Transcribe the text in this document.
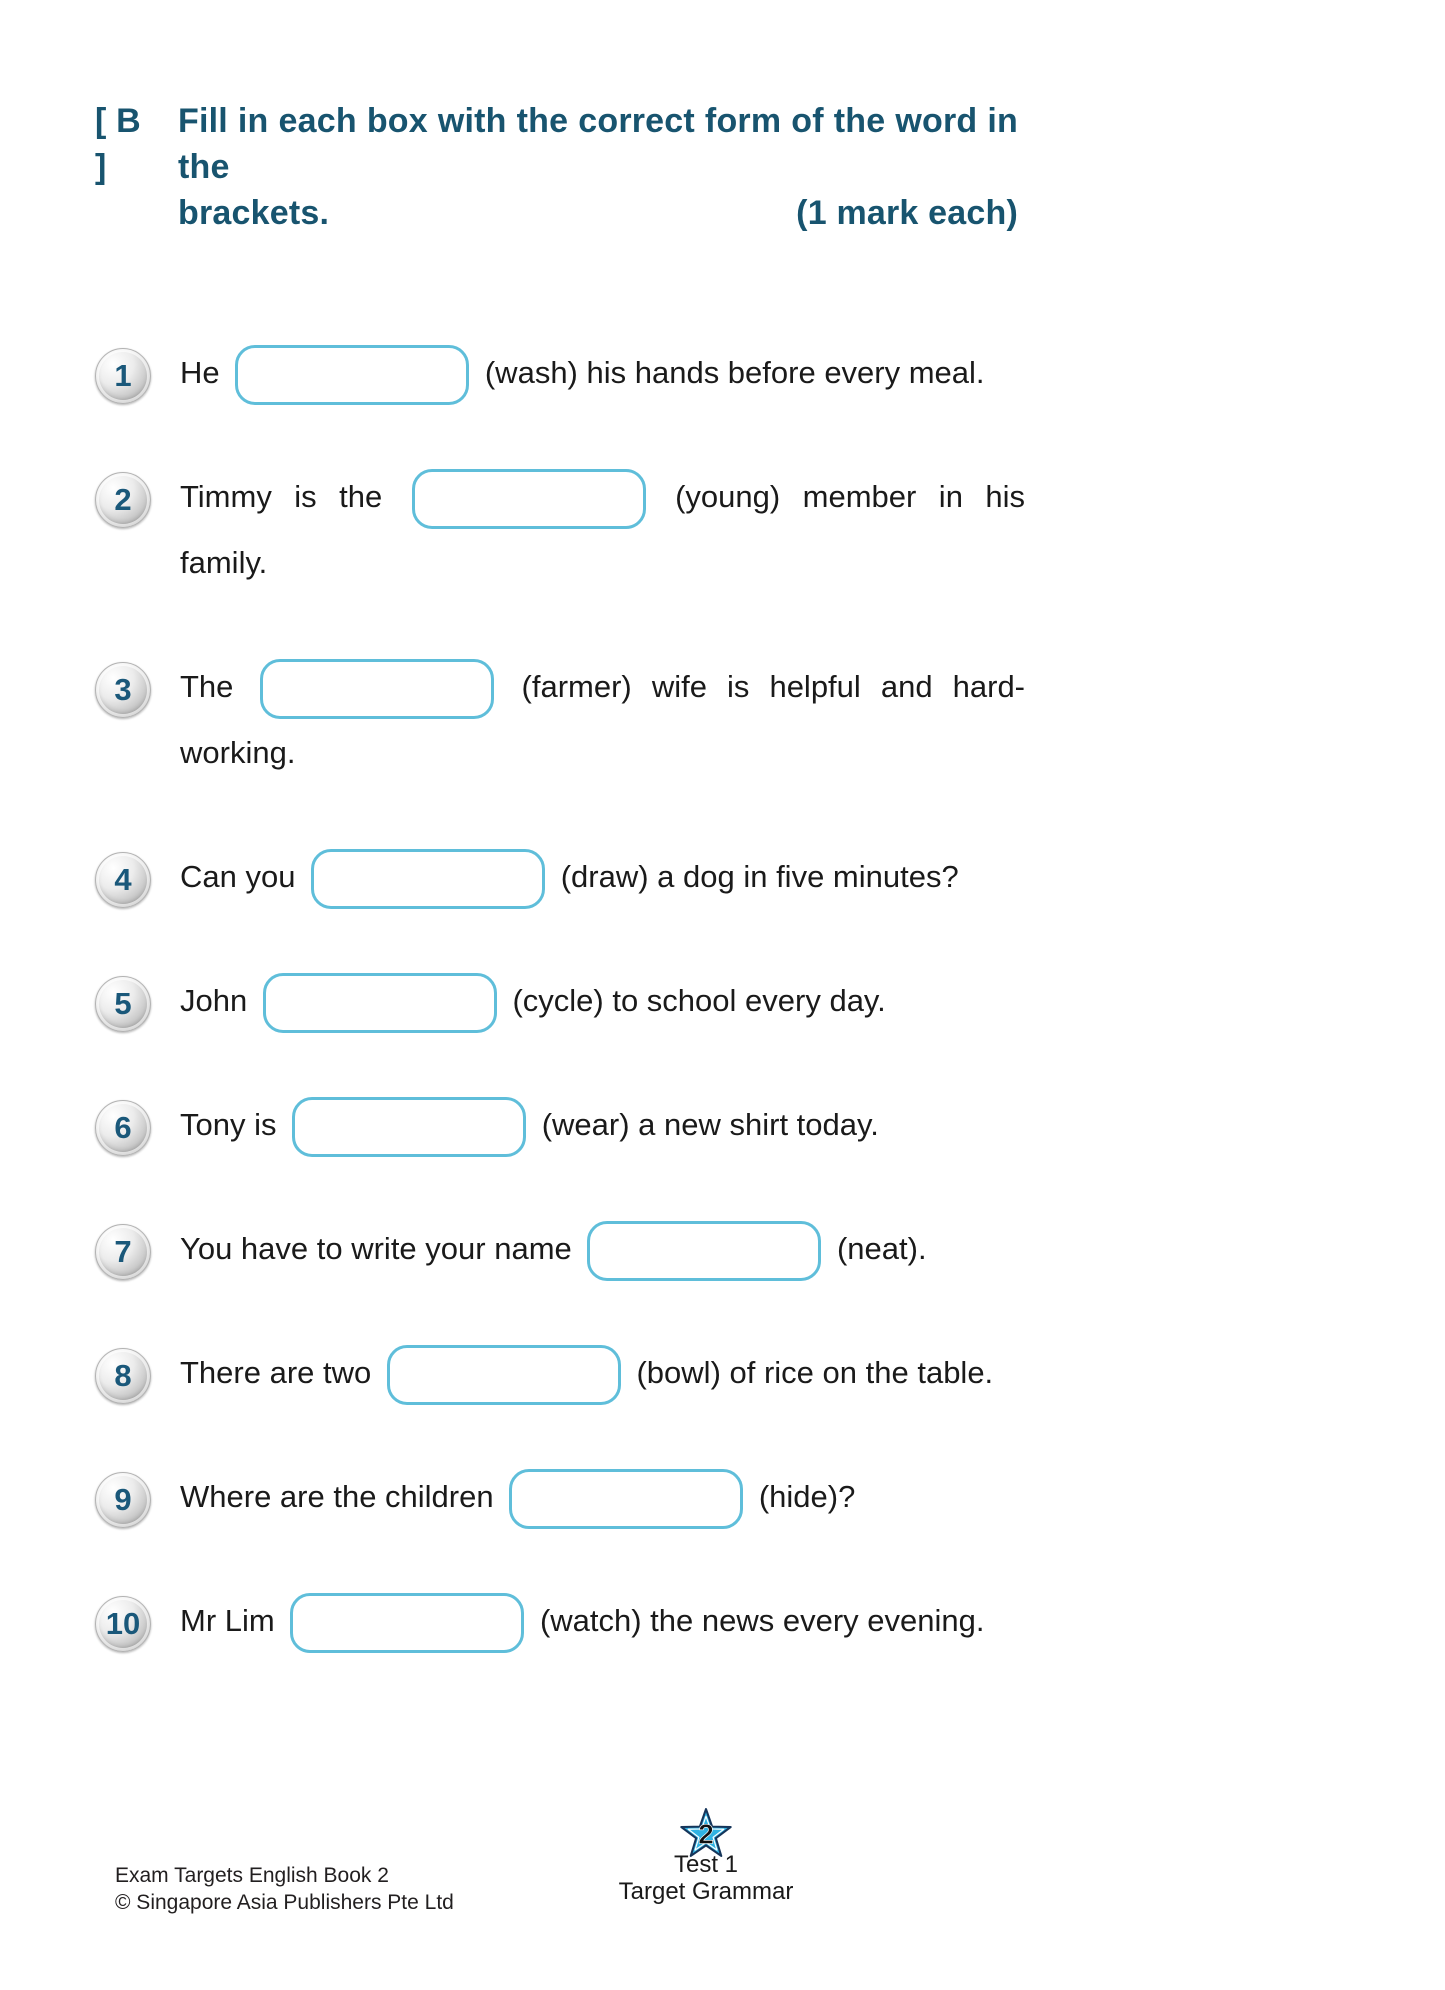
[ B ]
Fill in each box with the correct form of the word in the
brackets.	(1 mark each)
1 He	(wash) his hands before every meal.
2 Timmy is the	(young) member in his
family.
3 The	(farmer) wife is helpful and hard-
working.
4 Can you	(draw) a dog in five minutes?
5 John	(cycle) to school every day.
6 Tony is	(wear) a new shirt today.
7 You have to write your name	(neat).
8 There are two	(bowl) of rice on the table.
9 Where are the children	(hide)?
10 Mr Lim	(watch) the news every evening.
Exam Targets English Book 2
© Singapore Asia Publishers Pte Ltd
2
Test 1
Target Grammar
